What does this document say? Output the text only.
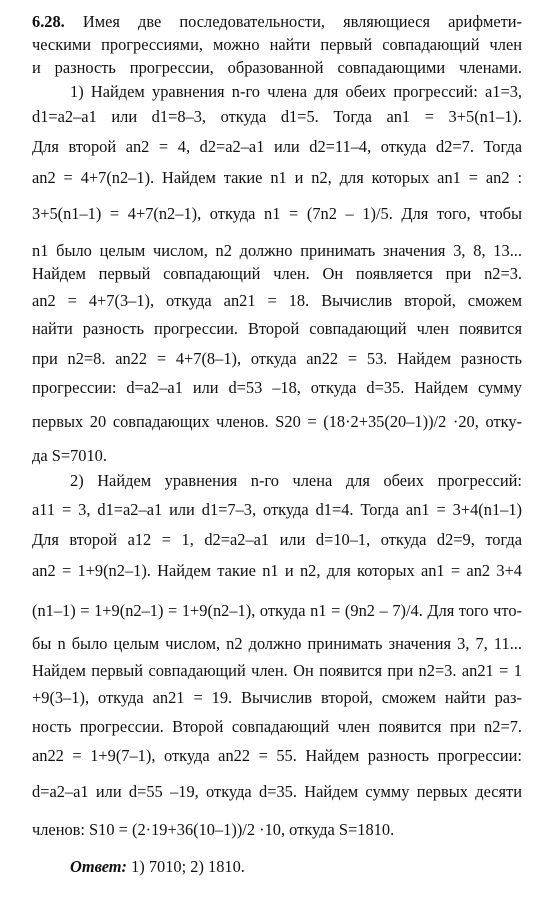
6.28. Имея две последовательности, являющиеся арифмети-
ческими прогрессиями, можно найти первый совпадающий член
и разность прогрессии, образованной совпадающими членами.
1) Найдем уравнения n-го члена для обеих прогрессий: a1=3,
d1=a2–a1 или d1=8–3, откуда d1=5. Тогда an1 = 3+5(n1–1).
Для второй an2 = 4, d2=a2–a1 или d2=11–4, откуда d2=7. Тогда
an2 = 4+7(n2–1). Найдем такие n1 и n2, для которых an1 = an2 :
3+5(n1–1) = 4+7(n2–1), откуда n1 = (7n2 – 1)/5. Для того, чтобы
n1 было целым числом, n2 должно принимать значения 3, 8, 13...
Найдем первый совпадающий член. Он появляется при n2=3.
an2 = 4+7(3–1), откуда an21 = 18. Вычислив второй, сможем
найти разность прогрессии. Второй совпадающий член появится
при n2=8. an22 = 4+7(8–1), откуда an22 = 53. Найдем разность
прогрессии: d=a2–a1 или d=53 –18, откуда d=35. Найдем сумму
первых 20 совпадающих членов. S20 = (18·2+35(20–1))/2 ·20, отку-
да S=7010.
2) Найдем уравнения n-го члена для обеих прогрессий:
a11 = 3, d1=a2–a1 или d1=7–3, откуда d1=4. Тогда an1 = 3+4(n1–1)
Для второй a12 = 1, d2=a2–a1 или d=10–1, откуда d2=9, тогда
an2 = 1+9(n2–1). Найдем такие n1 и n2, для которых an1 = an2 3+4
(n1–1) = 1+9(n2–1) = 1+9(n2–1), откуда n1 = (9n2 – 7)/4. Для того что-
бы n было целым числом, n2 должно принимать значения 3, 7, 11...
Найдем первый совпадающий член. Он появится при n2=3. an21 = 1
+9(3–1), откуда an21 = 19. Вычислив второй, сможем найти раз-
ность прогрессии. Второй совпадающий член появится при n2=7.
an22 = 1+9(7–1), откуда an22 = 55. Найдем разность прогрессии:
d=a2–a1 или d=55 –19, откуда d=35. Найдем сумму первых десяти
членов: S10 = (2·19+36(10–1))/2 ·10, откуда S=1810.
Ответ: 1) 7010; 2) 1810.
